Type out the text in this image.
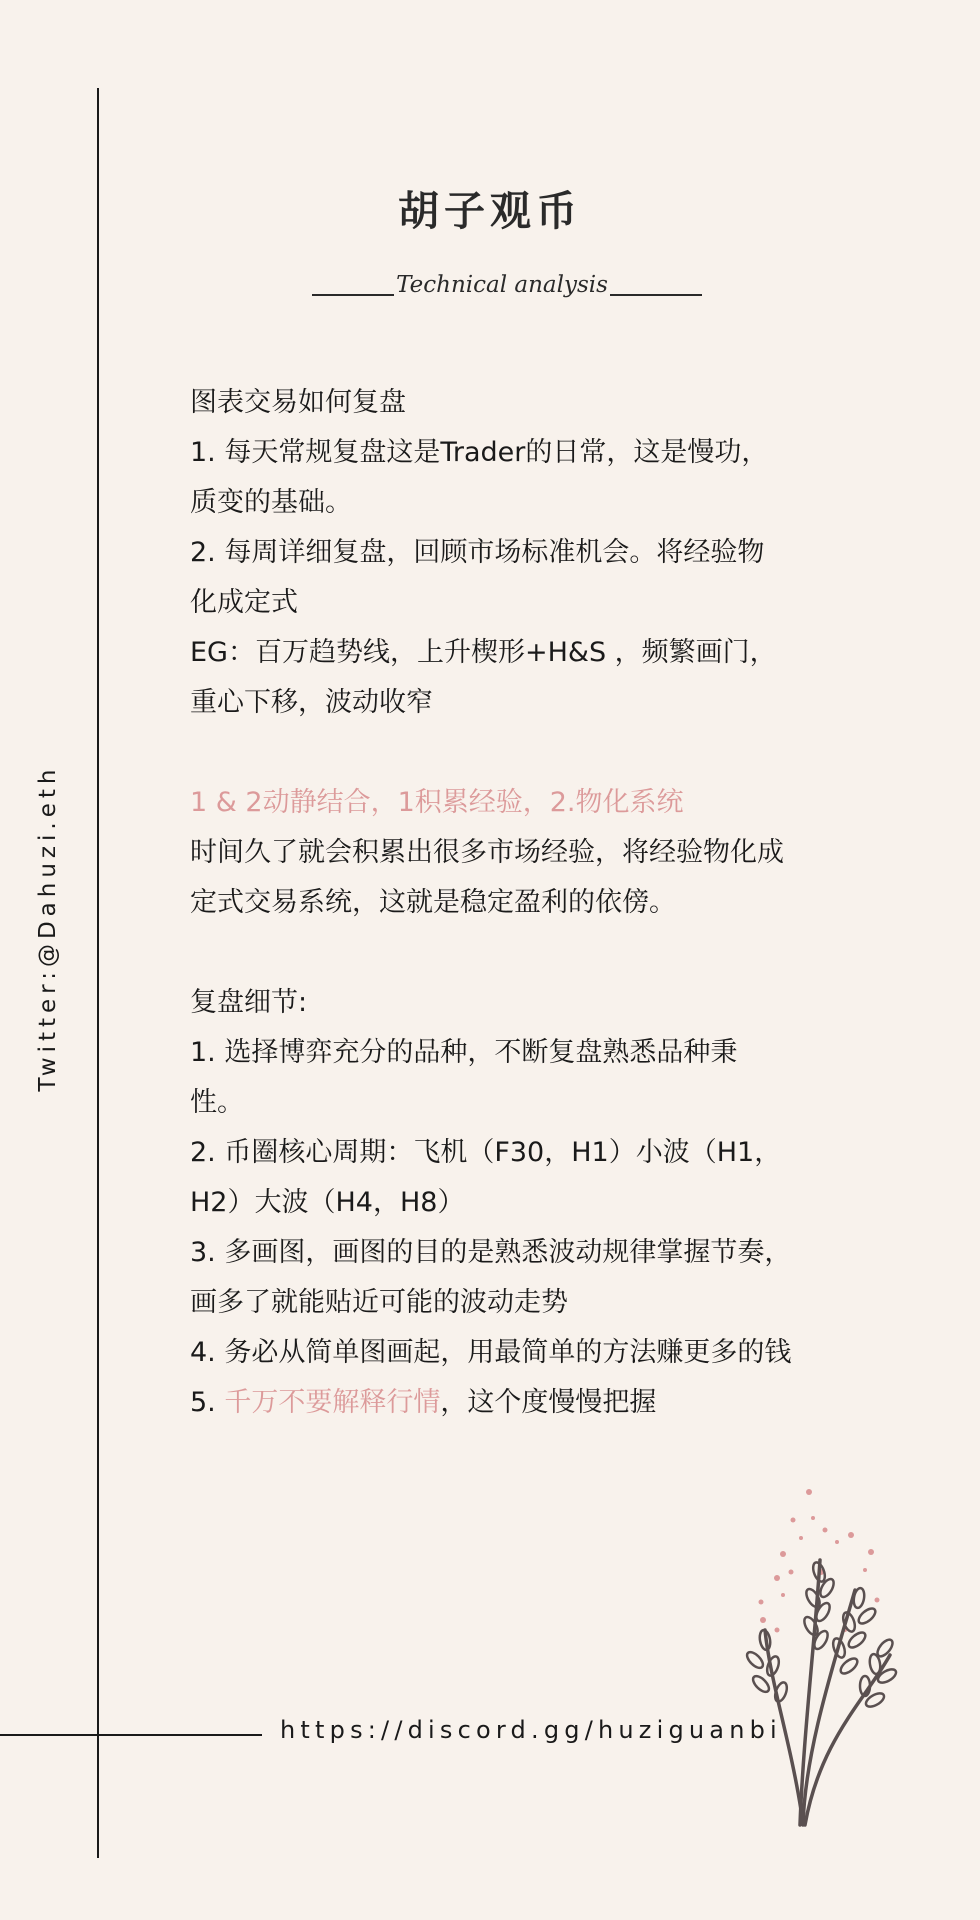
Twitter:@Dahuzi.eth
胡子观币
Technical analysis
图表交易如何复盘
1. 每天常规复盘这是Trader的日常，这是慢功，
质变的基础。
2. 每周详细复盘，回顾市场标准机会。将经验物
化成定式
EG：百万趋势线，上升楔形+H&S ，频繁画门，
重心下移，波动收窄
1 & 2动静结合，1积累经验，2.物化系统
时间久了就会积累出很多市场经验，将经验物化成
定式交易系统，这就是稳定盈利的依傍。
复盘细节:
1. 选择博弈充分的品种，不断复盘熟悉品种秉
性。
2. 币圈核心周期：飞机（F30，H1）小波（H1，
H2）大波（H4，H8）
3. 多画图，画图的目的是熟悉波动规律掌握节奏，
画多了就能贴近可能的波动走势
4. 务必从简单图画起，用最简单的方法赚更多的钱
5. 千万不要解释行情，这个度慢慢把握
https://discord.gg/huziguanbi
